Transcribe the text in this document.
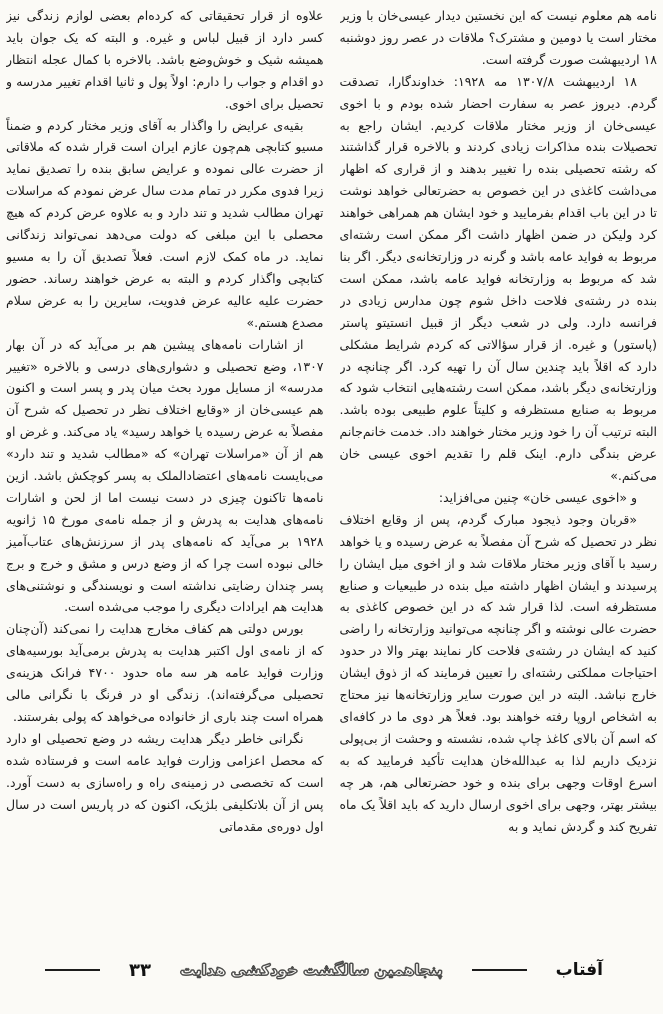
نامه هم معلوم نیست که این نخستین دیدار عیسی‌خان با وزیر مختار است یا دومین و مشترک؟ ملاقات در عصر روز دوشنبه ۱۸ اردیبهشت صورت گرفته است.

۱۸ اردیبهشت ۱۳۰۷/۸ مه ۱۹۲۸: خداوندگارا، تصدقت گردم. دیروز عصر به سفارت احضار شده بودم و با اخوی عیسی‌خان از وزیر مختار ملاقات کردیم. ایشان راجع به تحصیلات بنده مذاکرات زیادی کردند و بالاخره قرار گذاشتند که رشته تحصیلی بنده را تغییر بدهند و از قراری که اظهار می‌داشت کاغذی در این خصوص به حضرتعالی خواهد نوشت تا در این باب اقدام بفرمایید و خود ایشان هم همراهی خواهند کرد ولیکن در ضمن اظهار داشت اگر ممکن است رشته‌ای مربوط به فواید عامه باشد و گرنه در وزارتخانه‌ی دیگر. اگر بنا شد که مربوط به وزارتخانه فواید عامه باشد، ممکن است بنده در رشته‌ی فلاحت داخل شوم چون مدارس زیادی در فرانسه دارد. ولی در شعب دیگر از قبیل انستیتو پاستر (پاستور) و غیره. از قرار سؤالاتی که کردم شرایط مشکلی دارد که اقلاً باید چندین سال آن را تهیه کرد. اگر چنانچه در وزارتخانه‌ی دیگر باشد، ممکن است رشته‌هایی انتخاب شود که مربوط به صنایع مستظرفه و کلیتاً علوم طبیعی بوده باشد. البته ترتیب آن را خود وزیر مختار خواهند داد. خدمت خانم‌جانم عرض بندگی دارم. اینک قلم را تقدیم اخوی عیسی خان می‌کنم.»

و «اخوی عیسی خان» چنین می‌افزاید:

«قربان وجود ذیجود مبارک گردم، پس از وقایع اختلاف نظر در تحصیل که شرح آن مفصلاً به عرض رسیده و یا خواهد رسید با آقای وزیر مختار ملاقات شد و از اخوی میل ایشان را پرسیدند و ایشان اظهار داشته میل بنده در طبیعیات و صنایع مستظرفه است. لذا قرار شد که در این خصوص کاغذی به حضرت عالی نوشته و اگر چنانچه می‌توانید وزارتخانه را راضی کنید که ایشان در رشته‌ی فلاحت کار نمایند بهتر والا در حدود احتیاجات مملکتی رشته‌ای را تعیین فرمایند که از ذوق ایشان خارج نباشد. البته در این صورت سایر وزارتخانه‌ها نیز محتاج به اشخاص اروپا رفته خواهند بود. فعلاً هر دوی ما در کافه‌ای که اسم آن بالای کاغذ چاپ شده، نشسته و وحشت از بی‌پولی نزدیک داریم لذا به عبدالله‌خان هدایت تأکید فرمایید که به اسرع اوقات وجهی برای بنده و خود حضرتعالی هم، هر چه بیشتر بهتر، وجهی برای اخوی ارسال دارید که باید اقلاً یک ماه تفریح کند و گردش نماید و به

علاوه از قرار تحقیقاتی که کرده‌ام بعضی لوازم زندگی نیز کسر دارد از قبیل لباس و غیره. و البته که یک جوان باید همیشه شیک و خوش‌وضع باشد. بالاخره با کمال عجله انتظار دو اقدام و جواب را دارم: اولاً پول و ثانیا اقدام تغییر مدرسه و تحصیل برای اخوی.

بقیه‌ی عرایض را واگذار به آقای وزیر مختار کردم و ضمناً مسیو کتابچی هم‌چون عازم ایران است قرار شده که ملاقاتی از حضرت عالی نموده و عرایض سابق بنده را تصدیق نماید زیرا فدوی مکرر در تمام مدت سال عرض نمودم که مراسلات تهران مطالب شدید و تند دارد و به علاوه عرض کردم که هیچ محصلی با این مبلغی که دولت می‌دهد نمی‌تواند زندگانی نماید. در ماه کمک لازم است. فعلاً تصدیق آن را به مسیو کتابچی واگذار کردم و البته به عرض خواهند رساند. حضور حضرت علیه عالیه عرض فدویت، سایرین را به عرض سلام مصدع هستم.»

از اشارات نامه‌های پیشین هم بر می‌آید که در آن بهار ۱۳۰۷، وضع تحصیلی و دشواری‌های درسی و بالاخره «تغییر مدرسه» از مسایل مورد بحث میان پدر و پسر است و اکنون هم عیسی‌خان از «وقایع اختلاف نظر در تحصیل که شرح آن مفصلاً به عرض رسیده یا خواهد رسید» یاد می‌کند. و غرض او هم از آن «مراسلات تهران» که «مطالب شدید و تند دارد» می‌بایست نامه‌های اعتضادالملک به پسر کوچکش باشد. ازین نامه‌ها تاکنون چیزی در دست نیست اما از لحن و اشارات نامه‌های هدایت به پدرش و از جمله نامه‌ی مورخ ۱۵ ژانویه ۱۹۲۸ بر می‌آید که نامه‌های پدر از سرزنش‌های عتاب‌آمیز خالی نبوده است چرا که از وضع درس و مشق و خرج و برج پسر چندان رضایتی نداشته است و نویسندگی و نوشتنی‌های هدایت هم ایرادات دیگری را موجب می‌شده است.

بورس دولتی هم کفاف مخارج هدایت را نمی‌کند (آن‌چنان که از نامه‌ی اول اکتبر هدایت به پدرش برمی‌آید بورسیه‌های وزارت فواید عامه هر سه ماه حدود ۴۷۰۰ فرانک هزینه‌ی تحصیلی می‌گرفته‌اند). زندگی او در فرنگ با نگرانی مالی همراه است چند باری از خانواده می‌خواهد که پولی بفرستند.

نگرانی خاطر دیگر هدایت ریشه در وضع تحصیلی او دارد که محصل اعزامی وزارت فواید عامه است و فرستاده شده است که تخصصی در زمینه‌ی راه و راه‌سازی به دست آورد. پس از آن بلاتکلیفی بلژیک، اکنون که در پاریس است در سال اول دوره‌ی مقدماتی

آفتاب
پنجاهمین سالگشت خودکشی هدایت
۳۳
